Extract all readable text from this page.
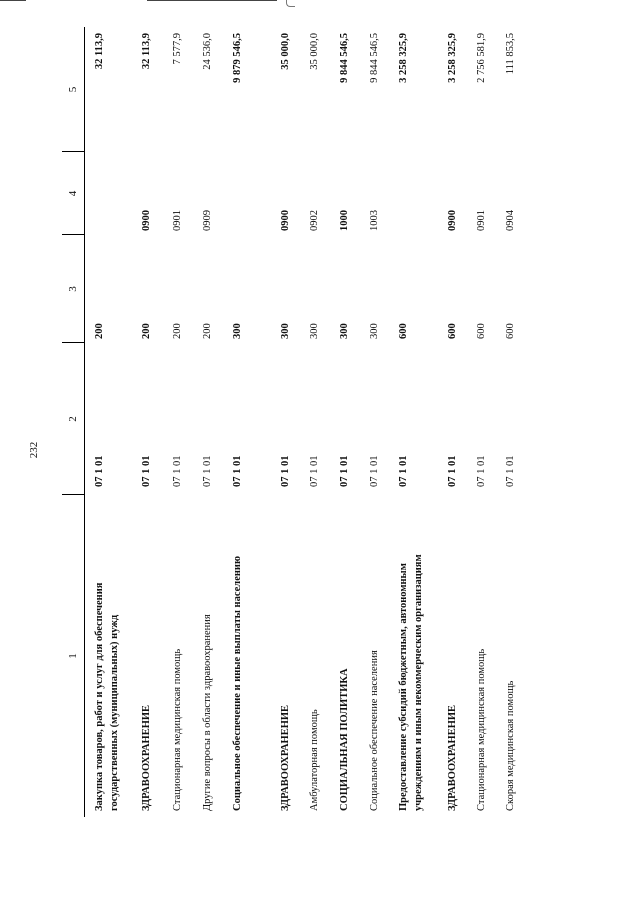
232
1
2
3
4
5
Закупка товаров, работ и услуг для обеспечения государственных (муниципальных) нужд
07 1 01
200
32 113,9
ЗДРАВООХРАНЕНИЕ
07 1 01
200
0900
32 113,9
Стационарная медицинская помощь
07 1 01
200
0901
7 577,9
Другие вопросы в области здравоохранения
07 1 01
200
0909
24 536,0
Социальное обеспечение и иные выплаты населению
07 1 01
300
9 879 546,5
ЗДРАВООХРАНЕНИЕ
07 1 01
300
0900
35 000,0
Амбулаторная помощь
07 1 01
300
0902
35 000,0
СОЦИАЛЬНАЯ ПОЛИТИКА
07 1 01
300
1000
9 844 546,5
Социальное обеспечение населения
07 1 01
300
1003
9 844 546,5
Предоставление субсидий бюджетным, автономным учреждениям и иным некоммерческим организациям
07 1 01
600
3 258 325,9
ЗДРАВООХРАНЕНИЕ
07 1 01
600
0900
3 258 325,9
Стационарная медицинская помощь
07 1 01
600
0901
2 756 581,9
Скорая медицинская помощь
07 1 01
600
0904
111 853,5
